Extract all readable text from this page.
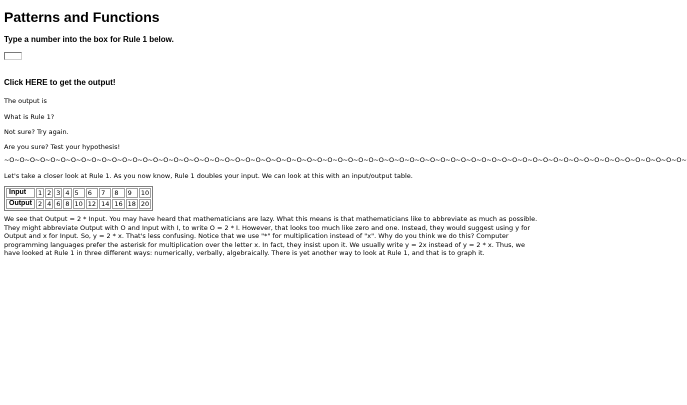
Patterns and Functions
Type a number into the box for Rule 1 below.
Click HERE to get the output!
The output is
What is Rule 1?
Not sure? Try again.
Are you sure? Test your hypothesis!
~O~O~O~O~O~O~O~O~O~O~O~O~O~O~O~O~O~O~O~O~O~O~O~O~O~O~O~O~O~O~O~O~O~O~O~O~O~O~O~O~O~O~O~O~O~O~O~O~O~O~O~O~O~O~O~O~O~O~O~O~O~O~O~O~O~O~
Let's take a closer look at Rule 1. As you now know, Rule 1 doubles your input. We can look at this with an input/output table.
Input	1	2	3	4	5	6	7	8	9	10
Output	2	4	6	8	10	12	14	16	18	20
We see that Output = 2 * Input. You may have heard that mathematicians are lazy. What this means is that mathematicians like to abbreviate as much as possible. They might abbreviate Output with O and Input with I, to write O = 2 * I. However, that looks too much like zero and one. Instead, they would suggest using y for Output and x for Input. So, y = 2 * x. That's less confusing. Notice that we use "*" for multiplication instead of "x". Why do you think we do this? Computer programming languages prefer the asterisk for multiplication over the letter x. In fact, they insist upon it. We usually write y = 2x instead of y = 2 * x. Thus, we have looked at Rule 1 in three different ways: numerically, verbally, algebraically. There is yet another way to look at Rule 1, and that is to graph it.
